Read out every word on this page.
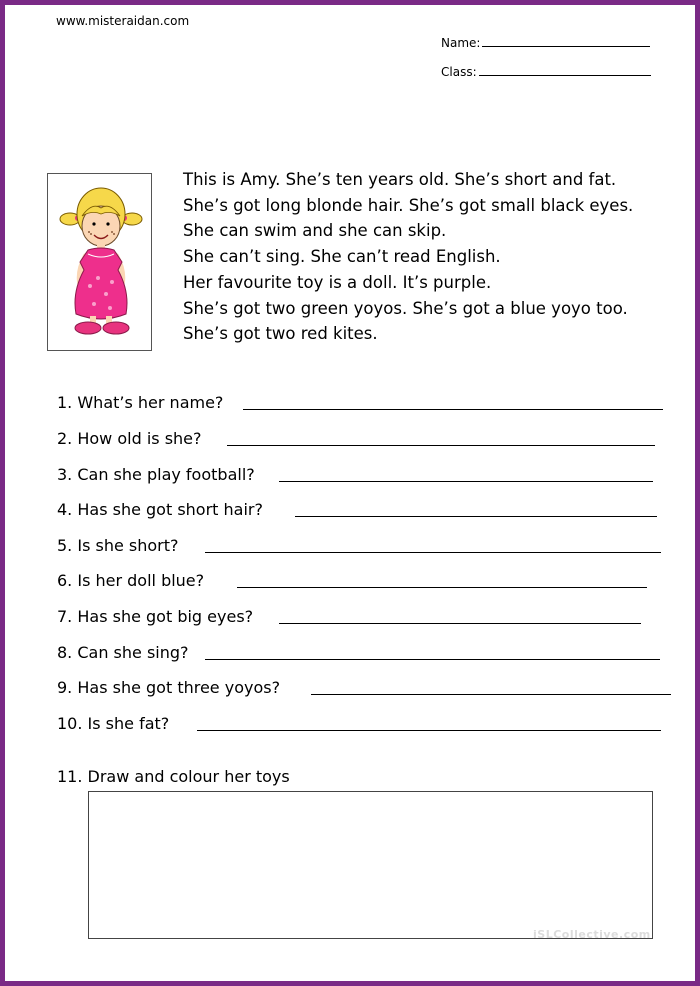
www.misteraidan.com
Name:
Class:
This is Amy. She’s ten years old. She’s short and fat.
She’s got long blonde hair. She’s got small black eyes.
She can swim and she can skip.
She can’t sing. She can’t read English.
Her favourite toy is a doll. It’s purple.
She’s got two green yoyos. She’s got a blue yoyo too.
She’s got two red kites.
1. What’s her name?
2. How old is she?
3. Can she play football?
4. Has she got short hair?
5. Is she short?
6. Is her doll blue?
7. Has she got big eyes?
8. Can she sing?
9. Has she got three yoyos?
10. Is she fat?
11. Draw and colour her toys
iSLCollective.com
